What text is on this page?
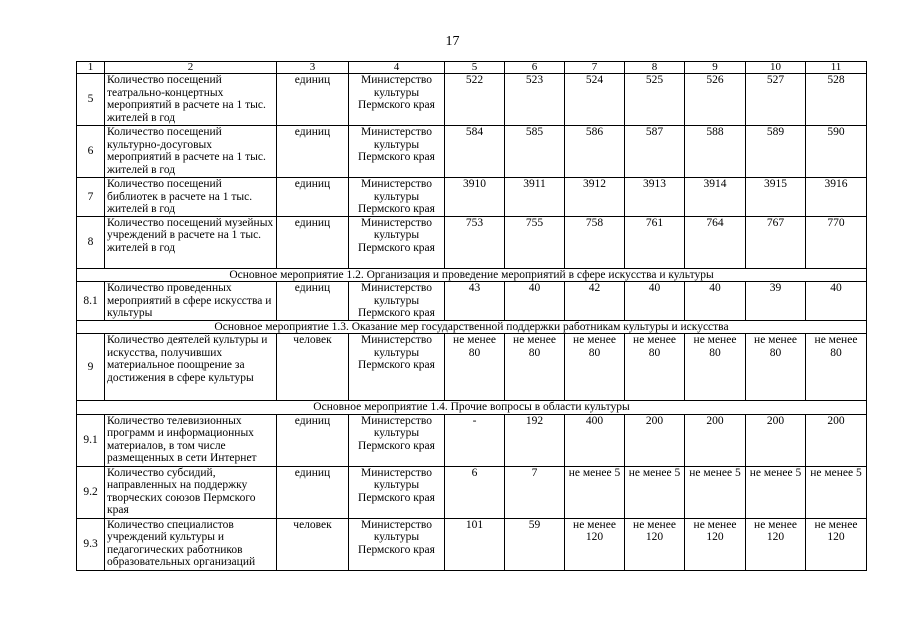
17
1	2	3	4	5	6	7	8	9	10	11
5	Количество посещений театрально-концертных мероприятий в расчете на 1 тыс. жителей в год	единиц	Министерство культуры Пермского края	522	523	524	525	526	527	528
6	Количество посещений культурно-досуговых мероприятий в расчете на 1 тыс. жителей в год	единиц	Министерство культуры Пермского края	584	585	586	587	588	589	590
7	Количество посещений библиотек в расчете на 1 тыс. жителей в год	единиц	Министерство культуры Пермского края	3910	3911	3912	3913	3914	3915	3916
8	Количество посещений музейных учреждений в расчете на 1 тыс. жителей в год	единиц	Министерство культуры Пермского края	753	755	758	761	764	767	770
Основное мероприятие 1.2. Организация и проведение мероприятий в сфере искусства и культуры										
8.1	Количество проведенных мероприятий в сфере искусства и культуры	единиц	Министерство культуры Пермского края	43	40	42	40	40	39	40
Основное мероприятие 1.3. Оказание мер государственной поддержки работникам культуры и искусства										
9	Количество деятелей культуры и искусства, получивших материальное поощрение за достижения в сфере культуры	человек	Министерство культуры Пермского края	не менее 80	не менее 80	не менее 80	не менее 80	не менее 80	не менее 80	не менее 80
Основное мероприятие 1.4. Прочие вопросы в области культуры										
9.1	Количество телевизионных программ и информационных материалов, в том числе размещенных в сети Интернет	единиц	Министерство культуры Пермского края	-	192	400	200	200	200	200
9.2	Количество субсидий, направленных на поддержку творческих союзов Пермского края	единиц	Министерство культуры Пермского края	6	7	не менее 5	не менее 5	не менее 5	не менее 5	не менее 5
9.3	Количество специалистов учреждений культуры и педагогических работников образовательных организаций	человек	Министерство культуры Пермского края	101	59	не менее 120	не менее 120	не менее 120	не менее 120	не менее 120
